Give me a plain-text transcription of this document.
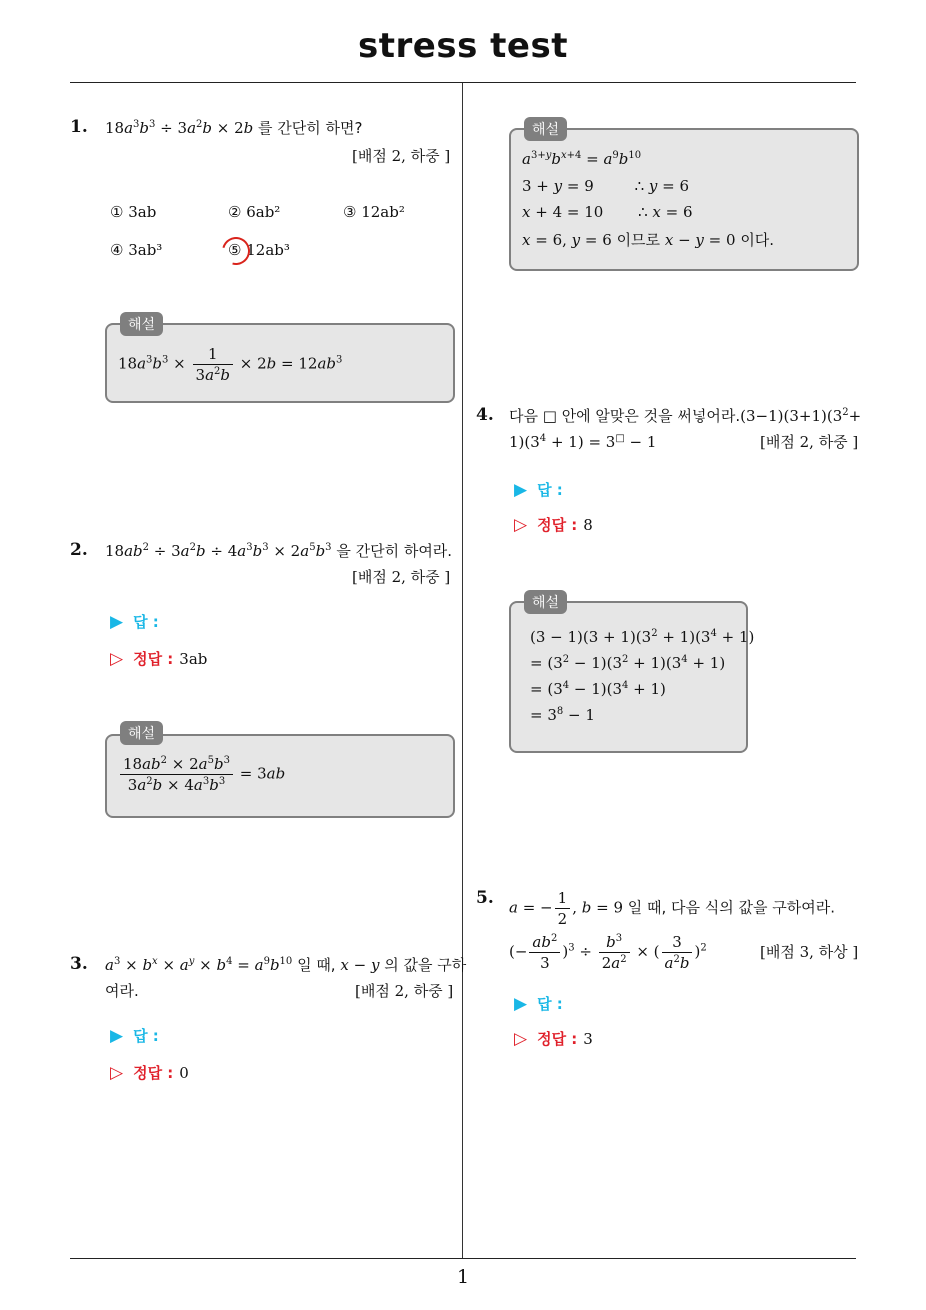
stress test
1
1. $18a^3b^3 \div 3a^2b \times 2b$ 를 간단히 하면?
[배점 2, 하중 ]
① 3ab	② 6ab²	③ 12ab²
④ 3ab³	⑤ 12ab³
해설
$18a^3b^3 \times \frac{1}{3a^2b} \times 2b = 12ab^3$
2. $18ab^2 \div 3a^2b \div 4a^3b^3 \times 2a^5b^3$ 을 간단히 하여라.
[배점 2, 하중 ]
▶ 답 :
▷ 정답 : 3ab
해설
$\frac{18ab^2 \times 2a^5b^3}{3a^2b \times 4a^3b^3} = 3ab$
3. $a^3 \times b^x \times a^y \times b^4 = a^9b^{10}$ 일 때, x − y 의 값을 구하
여라.	[배점 2, 하중 ]
▶ 답 :
▷ 정답 : 0
해설
$a^{3+y}b^{x+4} = a^9b^{10}$
3 + y = 9 ∴ y = 6
x + 4 = 10 ∴ x = 6
x = 6, y = 6 이므로 x − y = 0 이다.
4. 다음 □ 안에 알맞은 것을 써넣어라$.(3-1)(3+1)(3^2+$
$1)(3^4 + 1) = 3^□ - 1$	[배점 2, 하중 ]
▶ 답 :
▷ 정답 : 8
해설
$(3 - 1)(3 + 1)(3^2 + 1)(3^4 + 1)$
= $(3^2 - 1)(3^2 + 1)(3^4 + 1)$
= $(3^4 - 1)(3^4 + 1)$
= $3^8 - 1$
5. a = − $\frac{1}{2}$ , b = 9 일 때, 다음 식의 값을 구하여라.
(− $\frac{ab^2}{3} )^3 \div \frac{b^3}{2a^2}$ × ( $\frac{3}{a^2b} )^2$	[배점 3, 하상 ]
▶ 답 :
▷ 정답 : 3
